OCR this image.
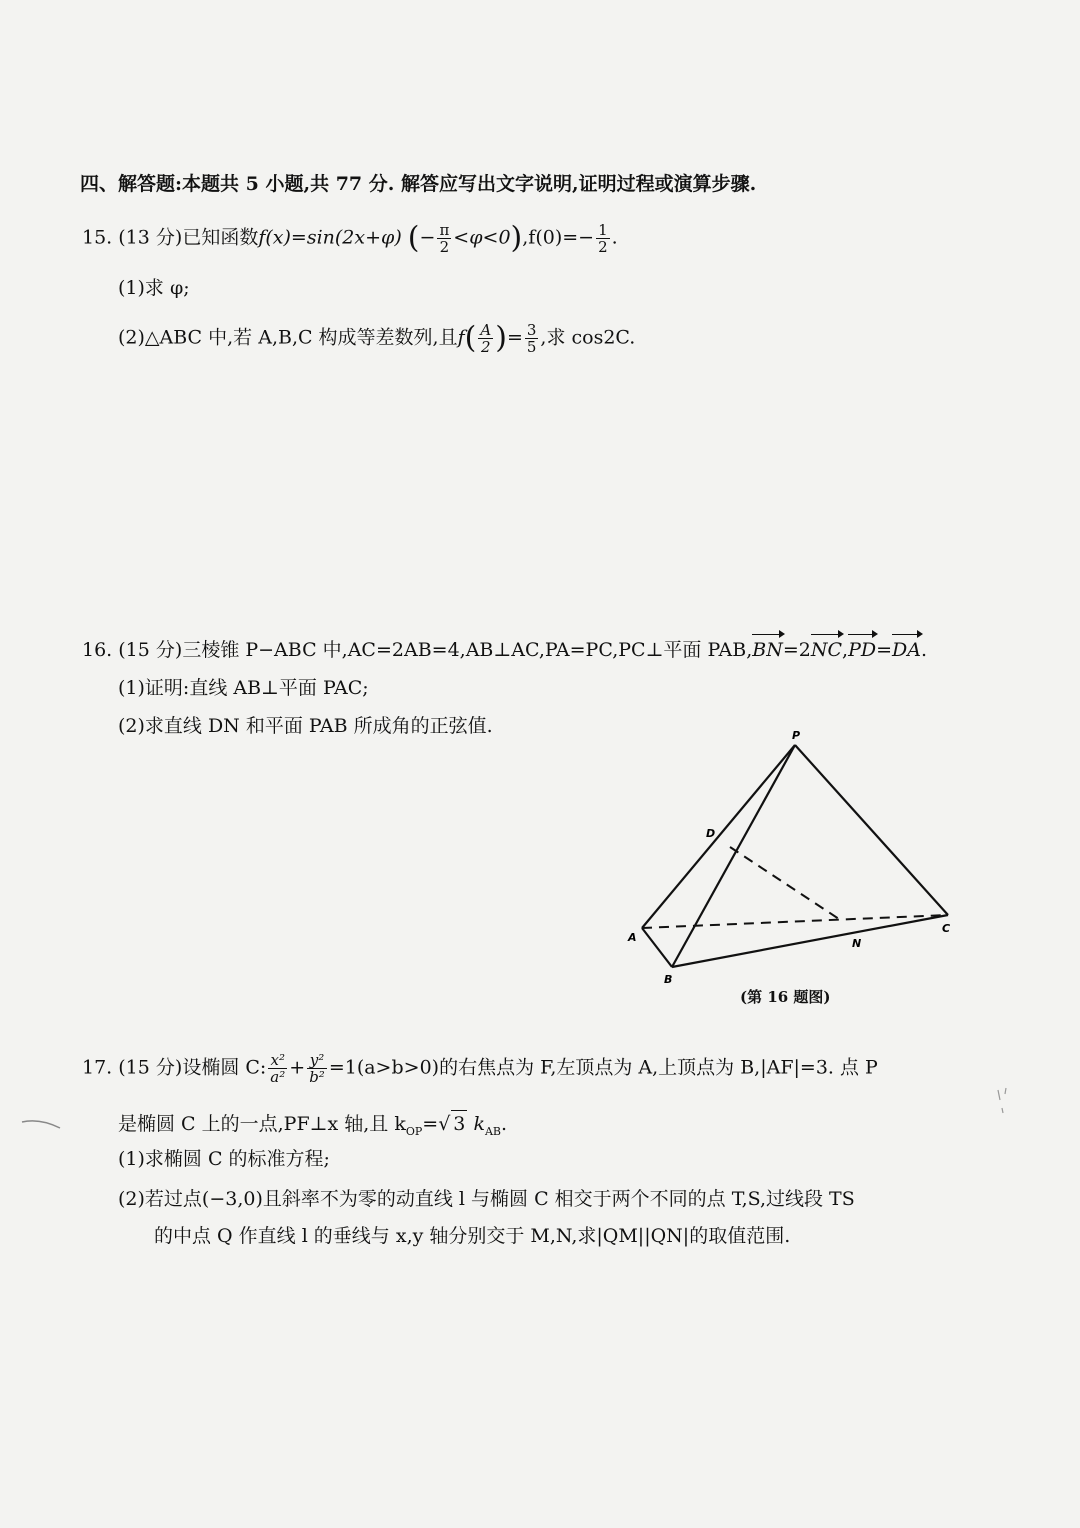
四、解答题:本题共 5 小题,共 77 分. 解答应写出文字说明,证明过程或演算步骤.
15. (13 分)已知函数f(x)=sin(2x+φ) (− $\frac{\pi}{2} <\varphi<0),f(0)=- \frac{1}{2}$ .
(1)求 φ;
(2)△ABC 中,若 A,B,C 构成等差数列,且$f( \frac{A}{2}$ )= $\frac{3}{5}$ ,求 cos2C.
16. (15 分)三棱锥 P−ABC 中,AC=2AB=4,AB⊥AC,PA=PC,PC⊥平面 PAB,BN=2NC,PD=DA.
(1)证明:直线 AB⊥平面 PAC;
(2)求直线 DN 和平面 PAB 所成角的正弦值.	P
D
A
B
N
C
(第 16 题图)
17. (15 分)设椭圆 C: $\frac{\text{x²}}{\text{a²}} + \frac{\text{y²}}{\text{b²}} =1(a>b>0)$的右焦点为 F,左顶点为 A,上顶点为 B,|AF|=3. 点 P
是椭圆 C 上的一点,PF⊥x 轴,且 $k_{OP}=√$ 3 $k_{AB}$.
(1)求椭圆 C 的标准方程;
(2)若过点(−3,0)且斜率不为零的动直线 l 与椭圆 C 相交于两个不同的点 T,S,过线段 TS
的中点 Q 作直线 l 的垂线与 x,y 轴分别交于 M,N,求|QM||QN|的取值范围.
